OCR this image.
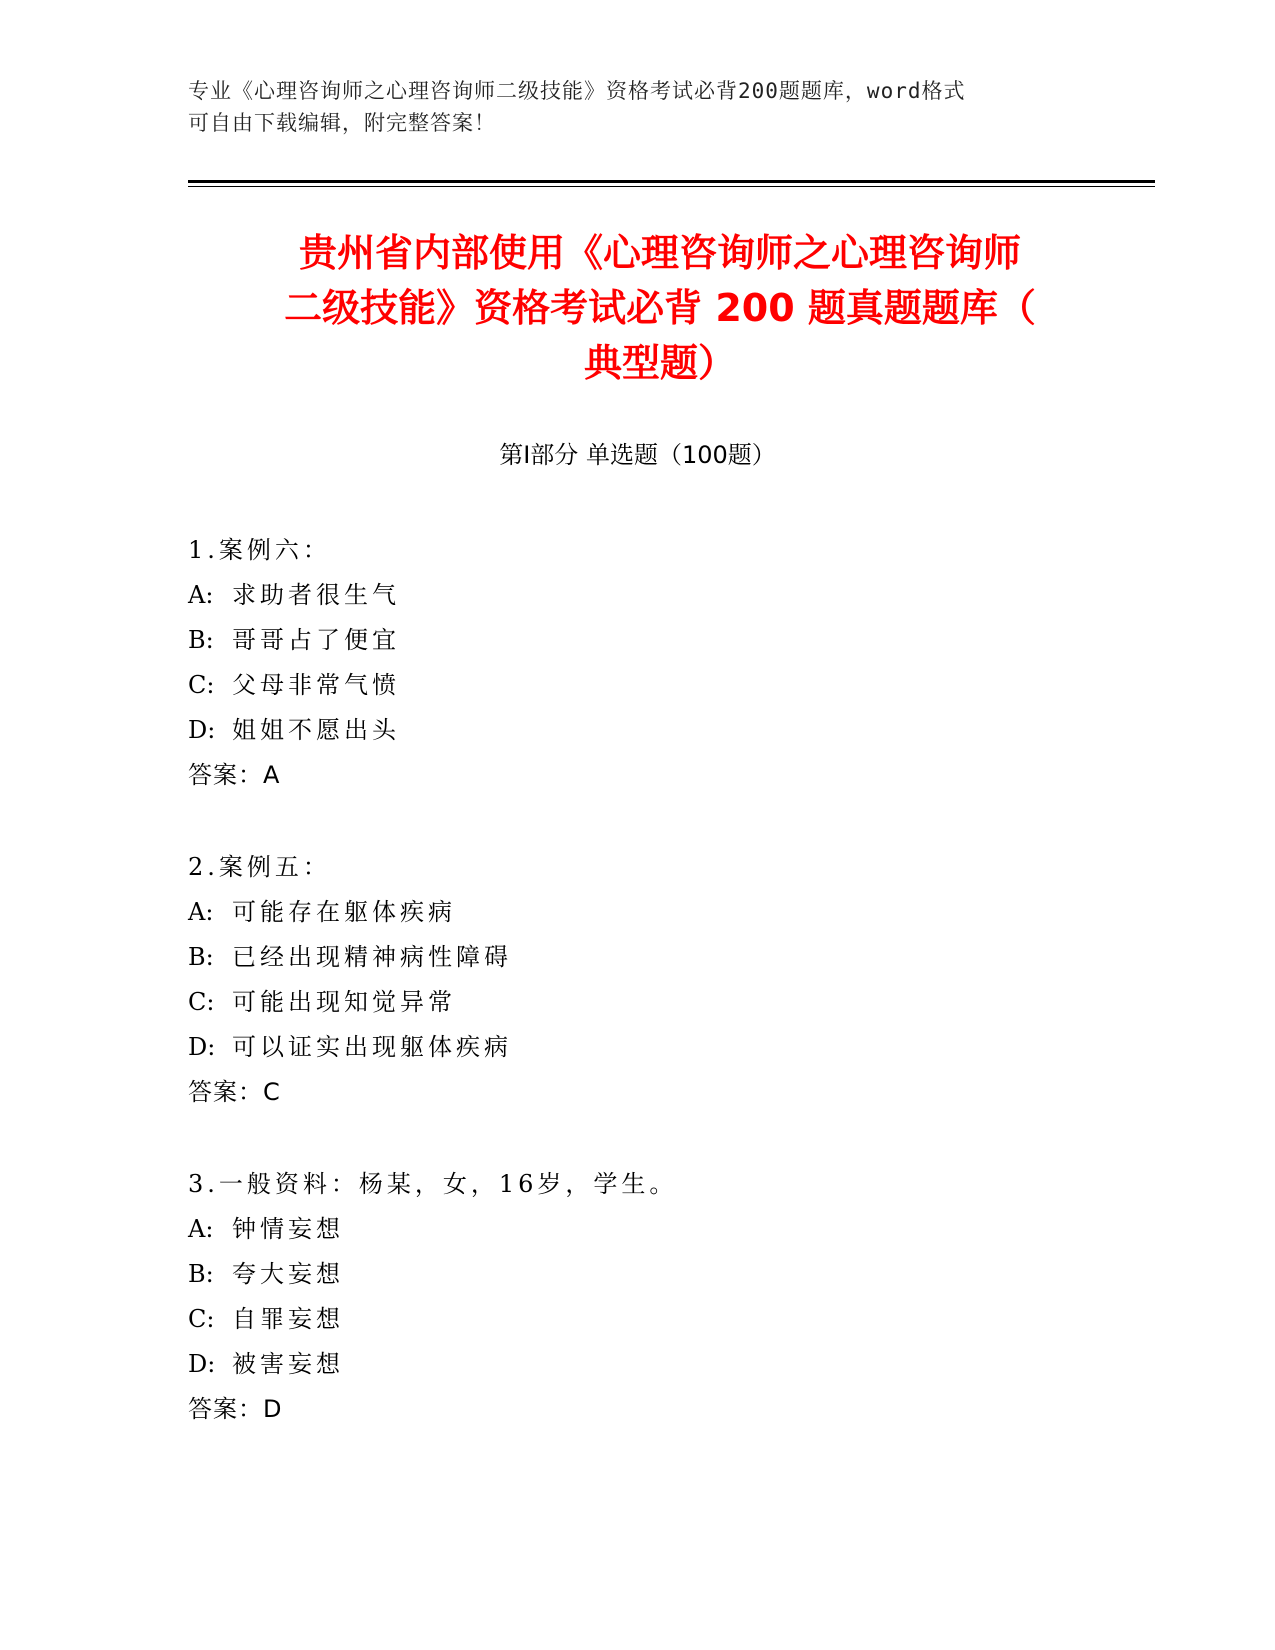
专业《心理咨询师之心理咨询师二级技能》资格考试必背200题题库，word格式
可自由下载编辑，附完整答案！
贵州省内部使用《心理咨询师之心理咨询师
二级技能》资格考试必背 200 题真题题库（
典型题）
第Ⅰ部分 单选题（100题）
1.案例六：
A: 求助者很生气
B: 哥哥占了便宜
C: 父母非常气愤
D: 姐姐不愿出头
答案：A
2.案例五：
A: 可能存在躯体疾病
B: 已经出现精神病性障碍
C: 可能出现知觉异常
D: 可以证实出现躯体疾病
答案：C
3.一般资料：杨某，女，16岁，学生。
A: 钟情妄想
B: 夸大妄想
C: 自罪妄想
D: 被害妄想
答案：D
